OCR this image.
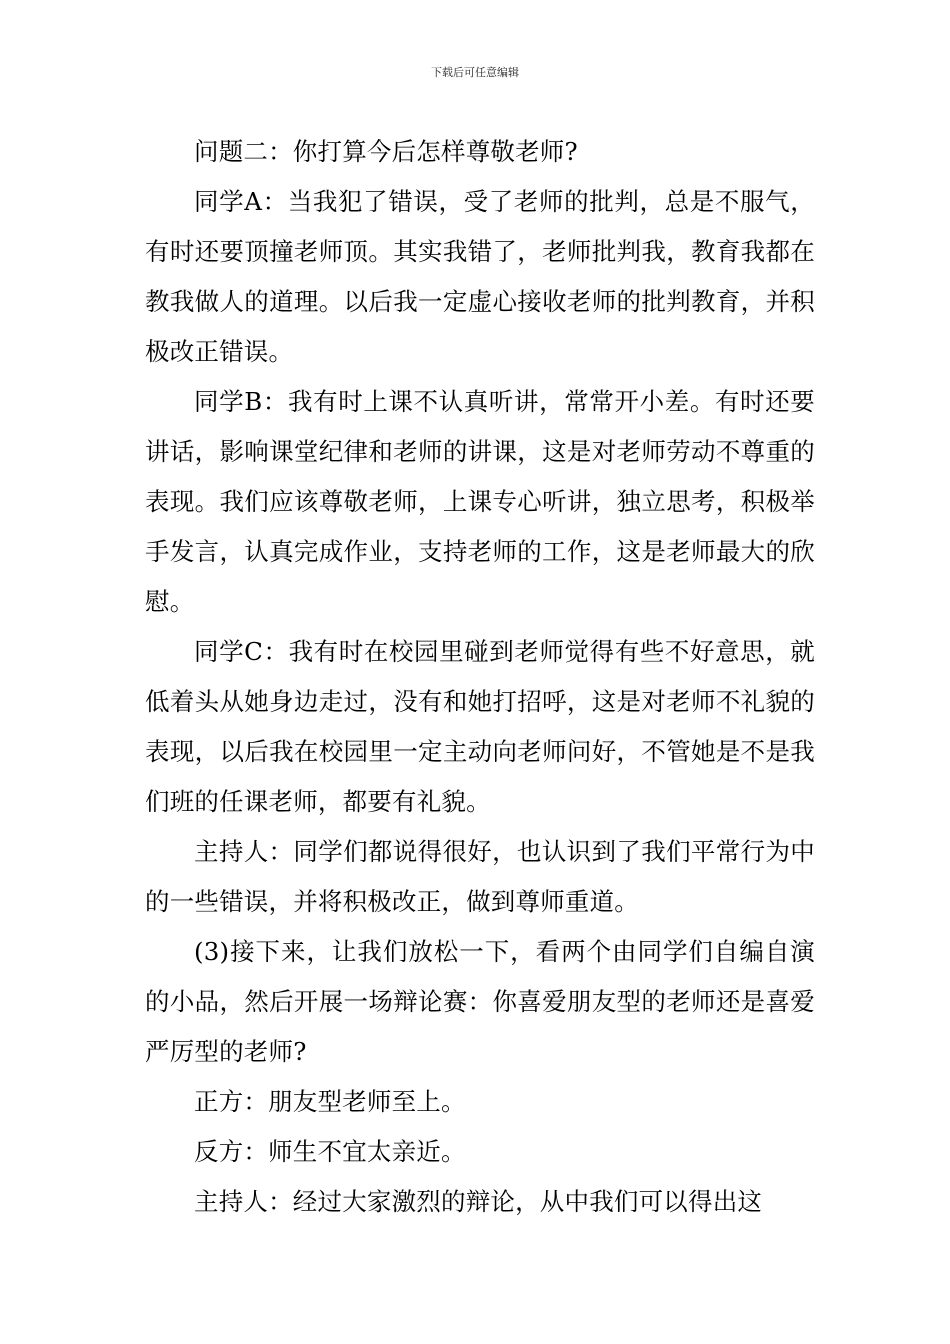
下载后可任意编辑

问题二：你打算今后怎样尊敬老师?

同学A：当我犯了错误，受了老师的批判，总是不服气，有时还要顶撞老师顶。其实我错了，老师批判我，教育我都在教我做人的道理。以后我一定虚心接收老师的批判教育，并积极改正错误。

同学B：我有时上课不认真听讲，常常开小差。有时还要讲话，影响课堂纪律和老师的讲课，这是对老师劳动不尊重的表现。我们应该尊敬老师，上课专心听讲，独立思考，积极举手发言，认真完成作业，支持老师的工作，这是老师最大的欣慰。

同学C：我有时在校园里碰到老师觉得有些不好意思，就低着头从她身边走过，没有和她打招呼，这是对老师不礼貌的表现，以后我在校园里一定主动向老师问好，不管她是不是我们班的任课老师，都要有礼貌。

主持人：同学们都说得很好，也认识到了我们平常行为中的一些错误，并将积极改正，做到尊师重道。

(3)接下来，让我们放松一下，看两个由同学们自编自演的小品，然后开展一场辩论赛：你喜爱朋友型的老师还是喜爱严厉型的老师?

正方：朋友型老师至上。

反方：师生不宜太亲近。

主持人：经过大家激烈的辩论，从中我们可以得出这
